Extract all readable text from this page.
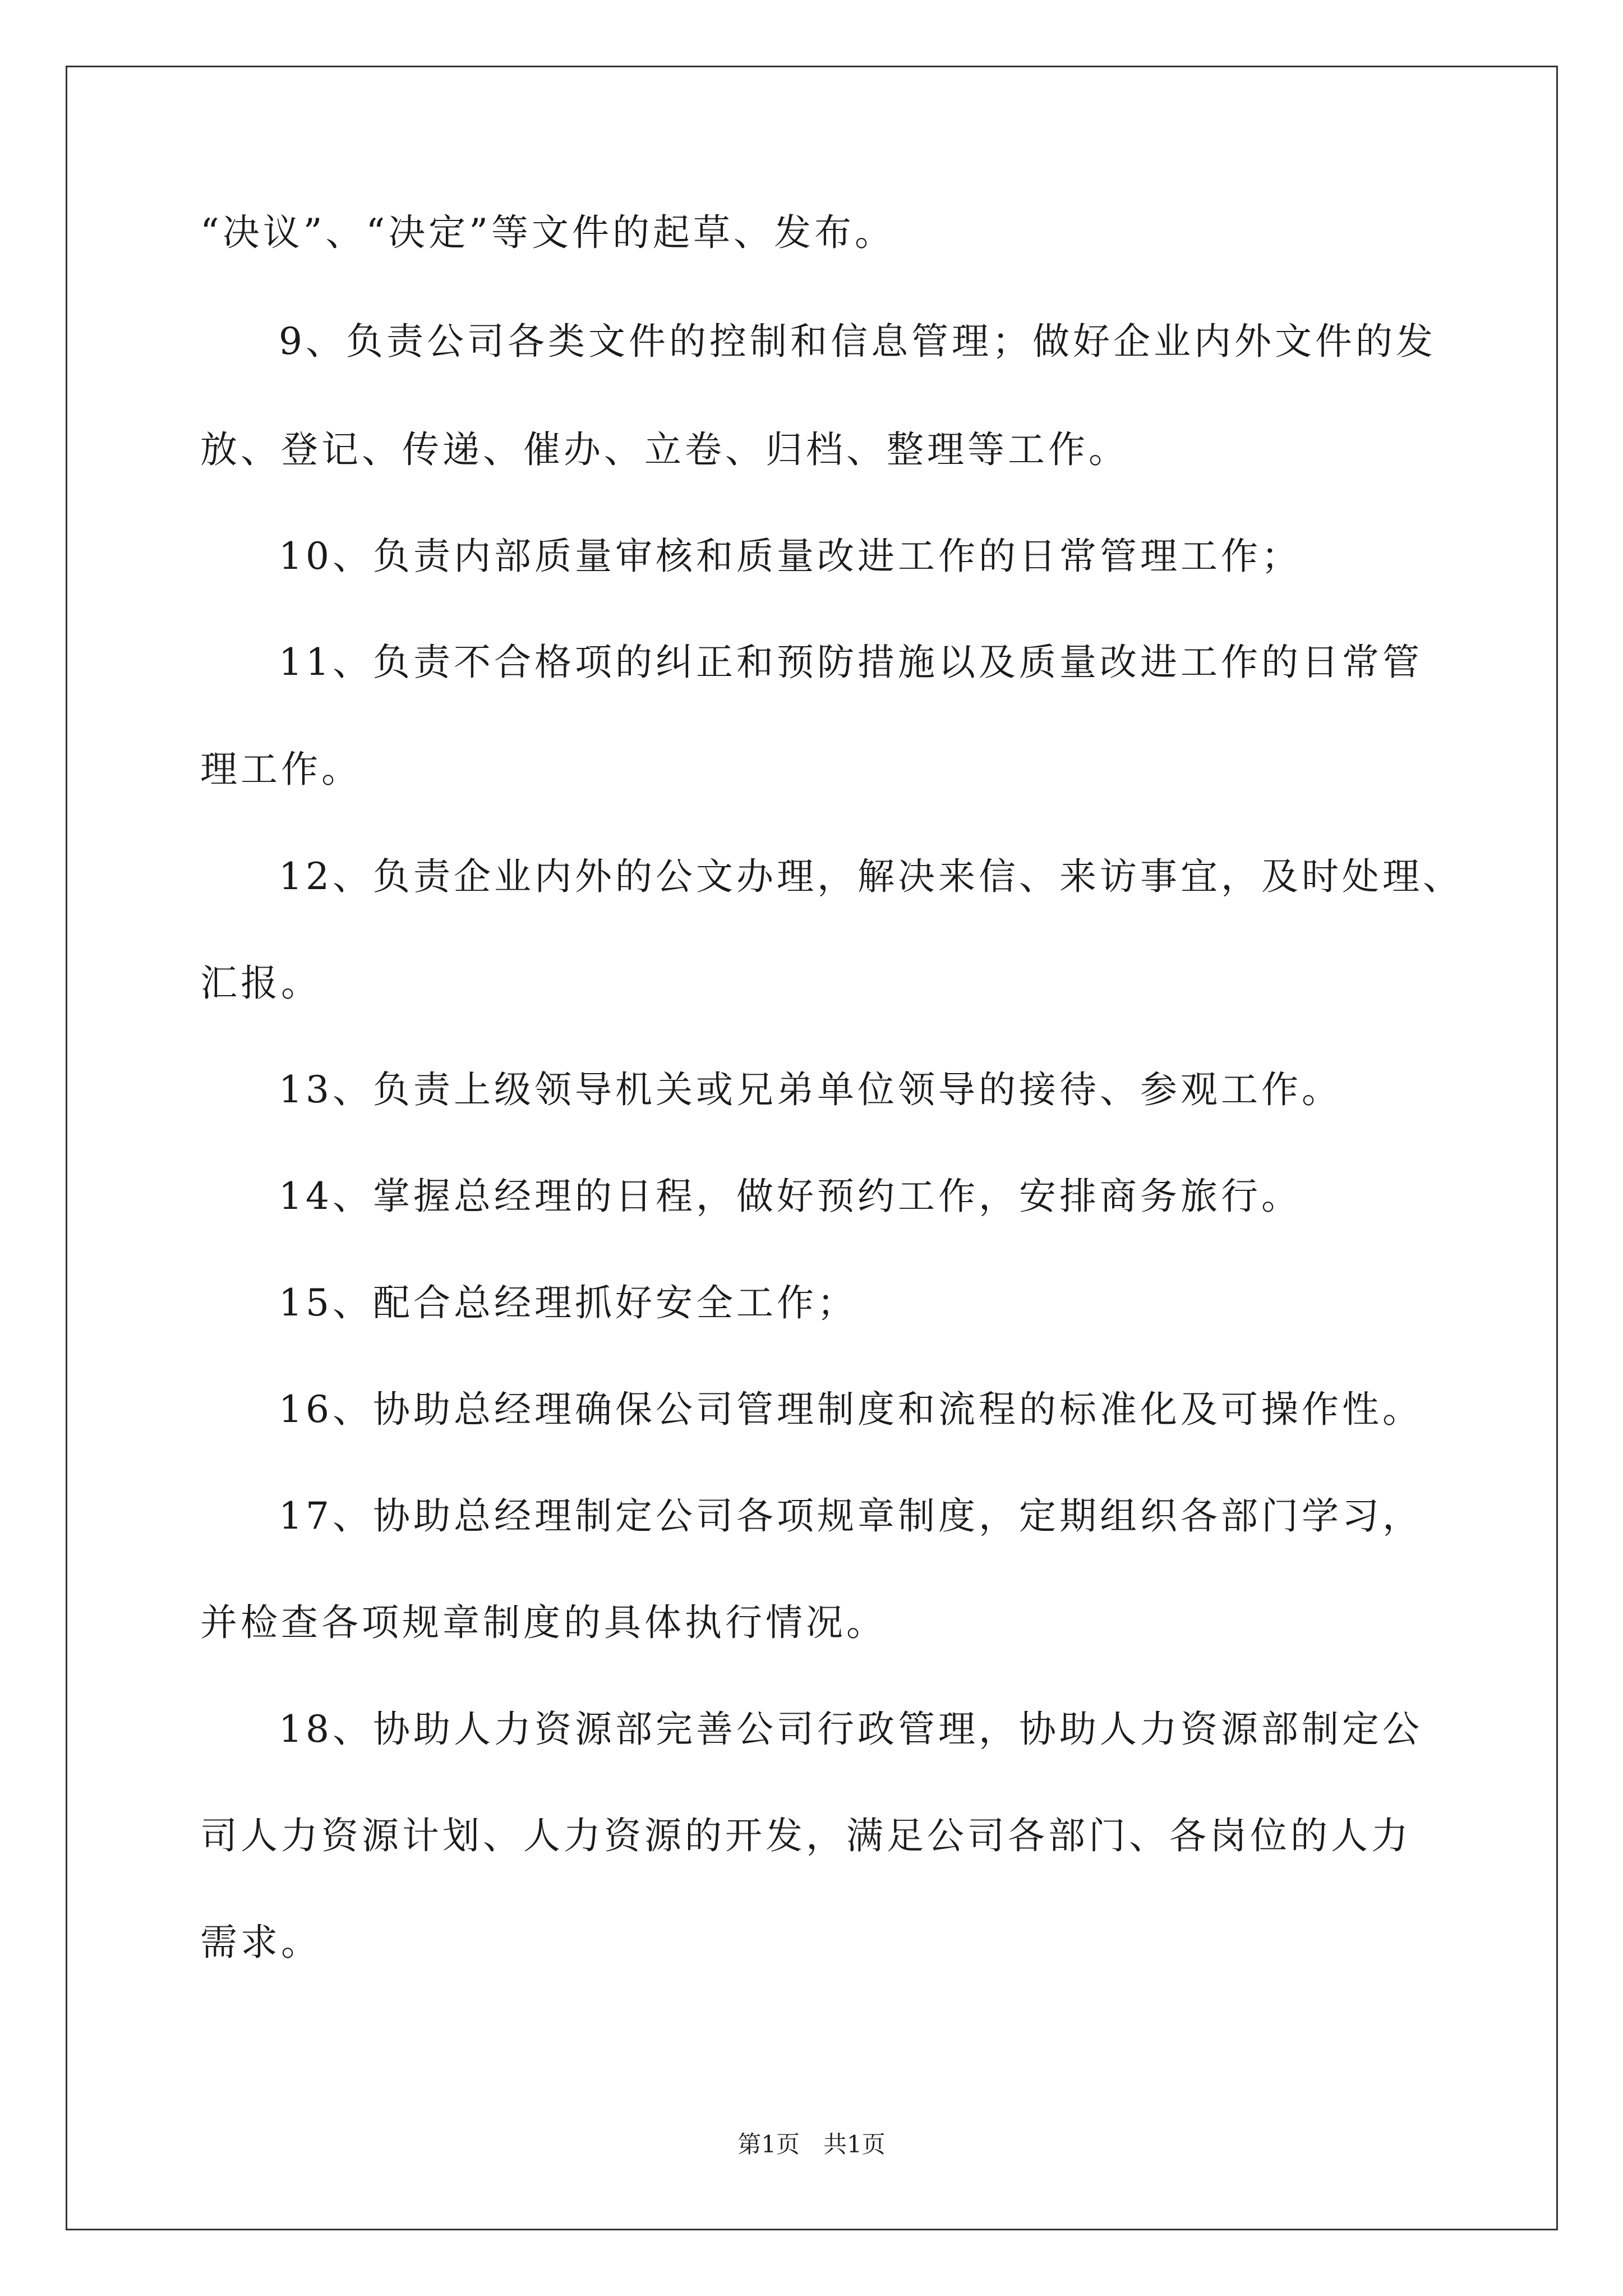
“决议”、“决定”等文件的起草、发布。
9、负责公司各类文件的控制和信息管理；做好企业内外文件的发
放、登记、传递、催办、立卷、归档、整理等工作。
10、负责内部质量审核和质量改进工作的日常管理工作；
11、负责不合格项的纠正和预防措施以及质量改进工作的日常管
理工作。
12、负责企业内外的公文办理，解决来信、来访事宜，及时处理、
汇报。
13、负责上级领导机关或兄弟单位领导的接待、参观工作。
14、掌握总经理的日程，做好预约工作，安排商务旅行。
15、配合总经理抓好安全工作；
16、协助总经理确保公司管理制度和流程的标准化及可操作性。
17、协助总经理制定公司各项规章制度，定期组织各部门学习，
并检查各项规章制度的具体执行情况。
18、协助人力资源部完善公司行政管理，协助人力资源部制定公
司人力资源计划、人力资源的开发，满足公司各部门、各岗位的人力
需求。
第1页　共1页
